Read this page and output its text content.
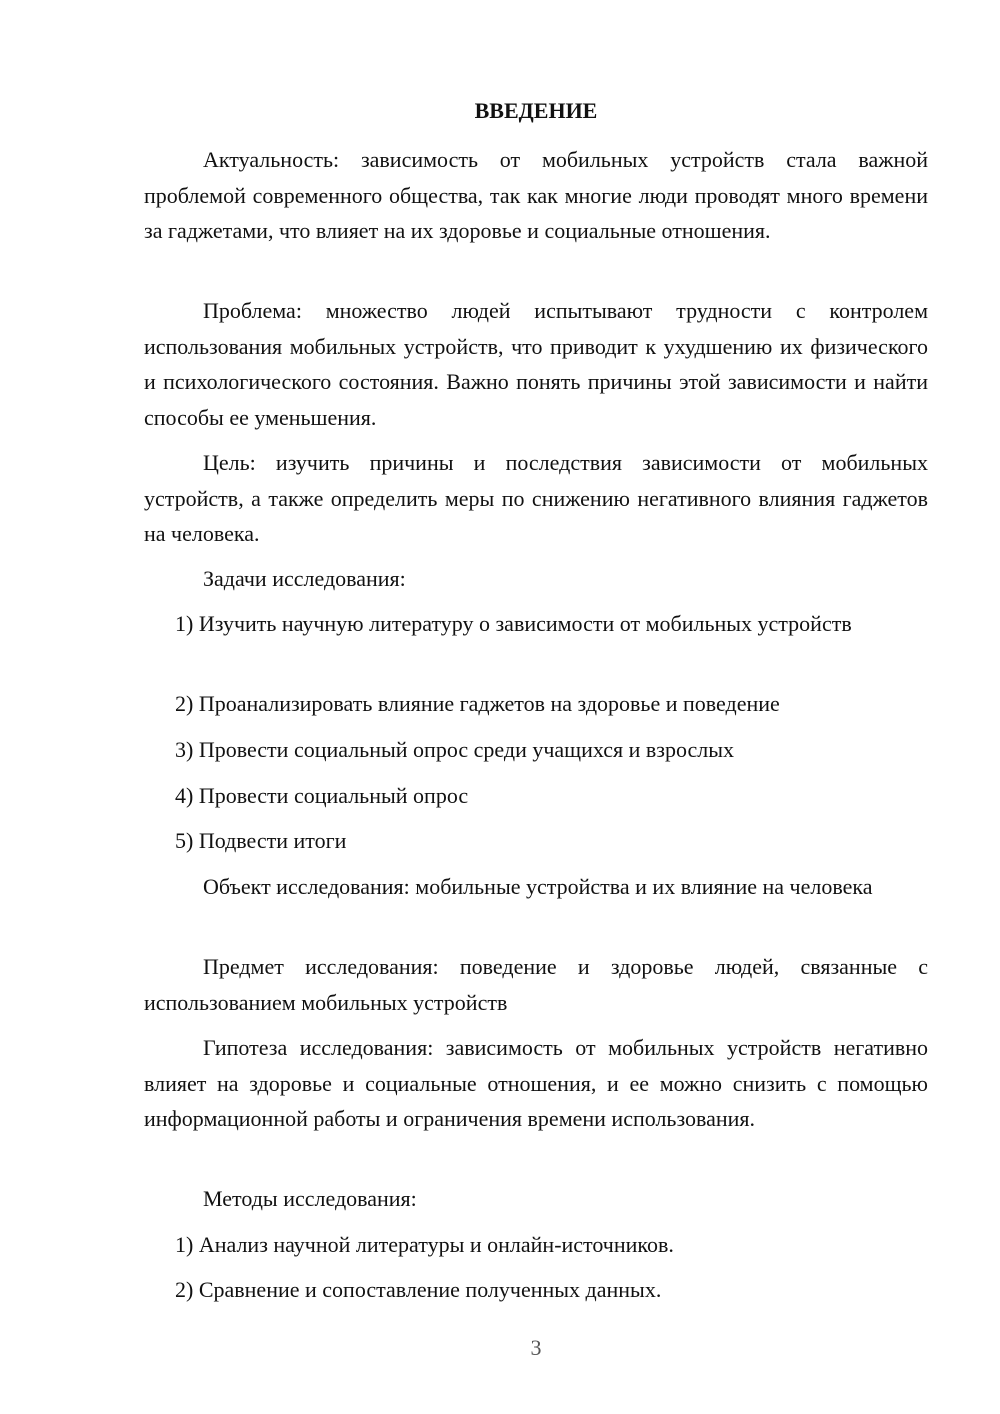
ВВЕДЕНИЕ

Актуальность: зависимость от мобильных устройств стала важной проблемой современного общества, так как многие люди проводят много времени за гаджетами, что влияет на их здоровье и социальные отношения.

Проблема: множество людей испытывают трудности с контролем использования мобильных устройств, что приводит к ухудшению их физического и психологического состояния. Важно понять причины этой зависимости и найти способы ее уменьшения.

Цель: изучить причины и последствия зависимости от мобильных устройств, а также определить меры по снижению негативного влияния гаджетов на человека.

Задачи исследования:

1) Изучить научную литературу о зависимости от мобильных устройств

2) Проанализировать влияние гаджетов на здоровье и поведение

3) Провести социальный опрос среди учащихся и взрослых

4) Провести социальный опрос

5) Подвести итоги

Объект исследования: мобильные устройства и их влияние на человека

Предмет исследования: поведение и здоровье людей, связанные с использованием мобильных устройств

Гипотеза исследования: зависимость от мобильных устройств негативно влияет на здоровье и социальные отношения, и ее можно снизить с помощью информационной работы и ограничения времени использования.

Методы исследования:

1) Анализ научной литературы и онлайн-источников.

2) Сравнение и сопоставление полученных данных.

3
